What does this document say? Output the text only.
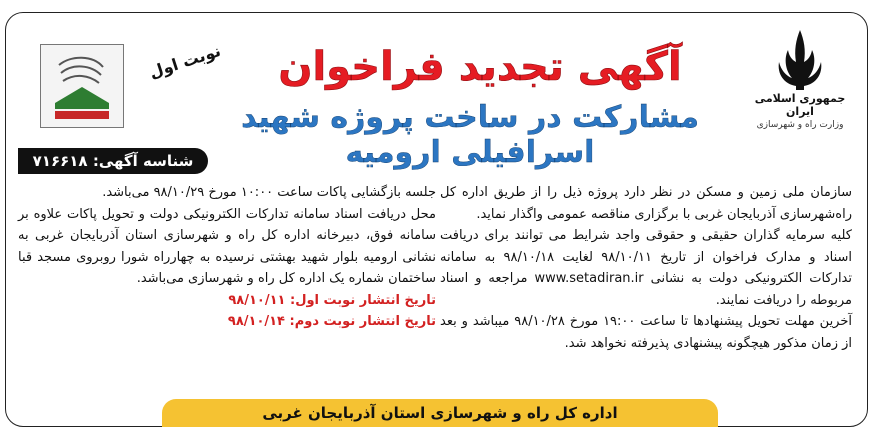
جمهوری اسلامی ایران
وزارت راه و شهرسازی
آگهی تجدید فراخوان
مشارکت در ساخت پروژه شهید اسرافیلی ارومیه
نوبت اول
شناسه آگهی: ۷۱۶۶۱۸

سازمان ملی زمین و مسکن در نظر دارد پروژه ذیل را از طریق اداره کل راه‌شهرسازی آذربایجان غربی با برگزاری مناقصه عمومی واگذار نماید.

کلیه سرمایه گذاران حقیقی و حقوقی واجد شرایط می توانند برای دریافت اسناد و مدارک فراخوان از تاریخ ۹۸/۱۰/۱۱ لغایت ۹۸/۱۰/۱۸ به سامانه تدارکات الکترونیکی دولت به نشانی www.setadiran.ir مراجعه و اسناد مربوطه را دریافت نمایند.

آخرین مهلت تحویل پیشنهادها تا ساعت ۱۹:۰۰ مورخ ۹۸/۱۰/۲۸ میباشد و بعد از زمان مذکور هیچگونه پیشنهادی پذیرفته نخواهد شد.

جلسه بازگشایی پاکات ساعت ۱۰:۰۰ مورخ ۹۸/۱۰/۲۹ می‌باشد.

محل دریافت اسناد سامانه تدارکات الکترونیکی دولت و تحویل پاکات علاوه بر سامانه فوق، دبیرخانه اداره کل راه و شهرسازی استان آذربایجان غربی به نشانی ارومیه بلوار شهید بهشتی نرسیده به چهارراه شورا روبروی مسجد قبا ساختمان شماره یک اداره کل راه و شهرسازی می‌باشد.

تاریخ انتشار نوبت اول: ۹۸/۱۰/۱۱

تاریخ انتشار نوبت دوم: ۹۸/۱۰/۱۴

اداره کل راه و شهرسازی استان آذربایجان غربی
